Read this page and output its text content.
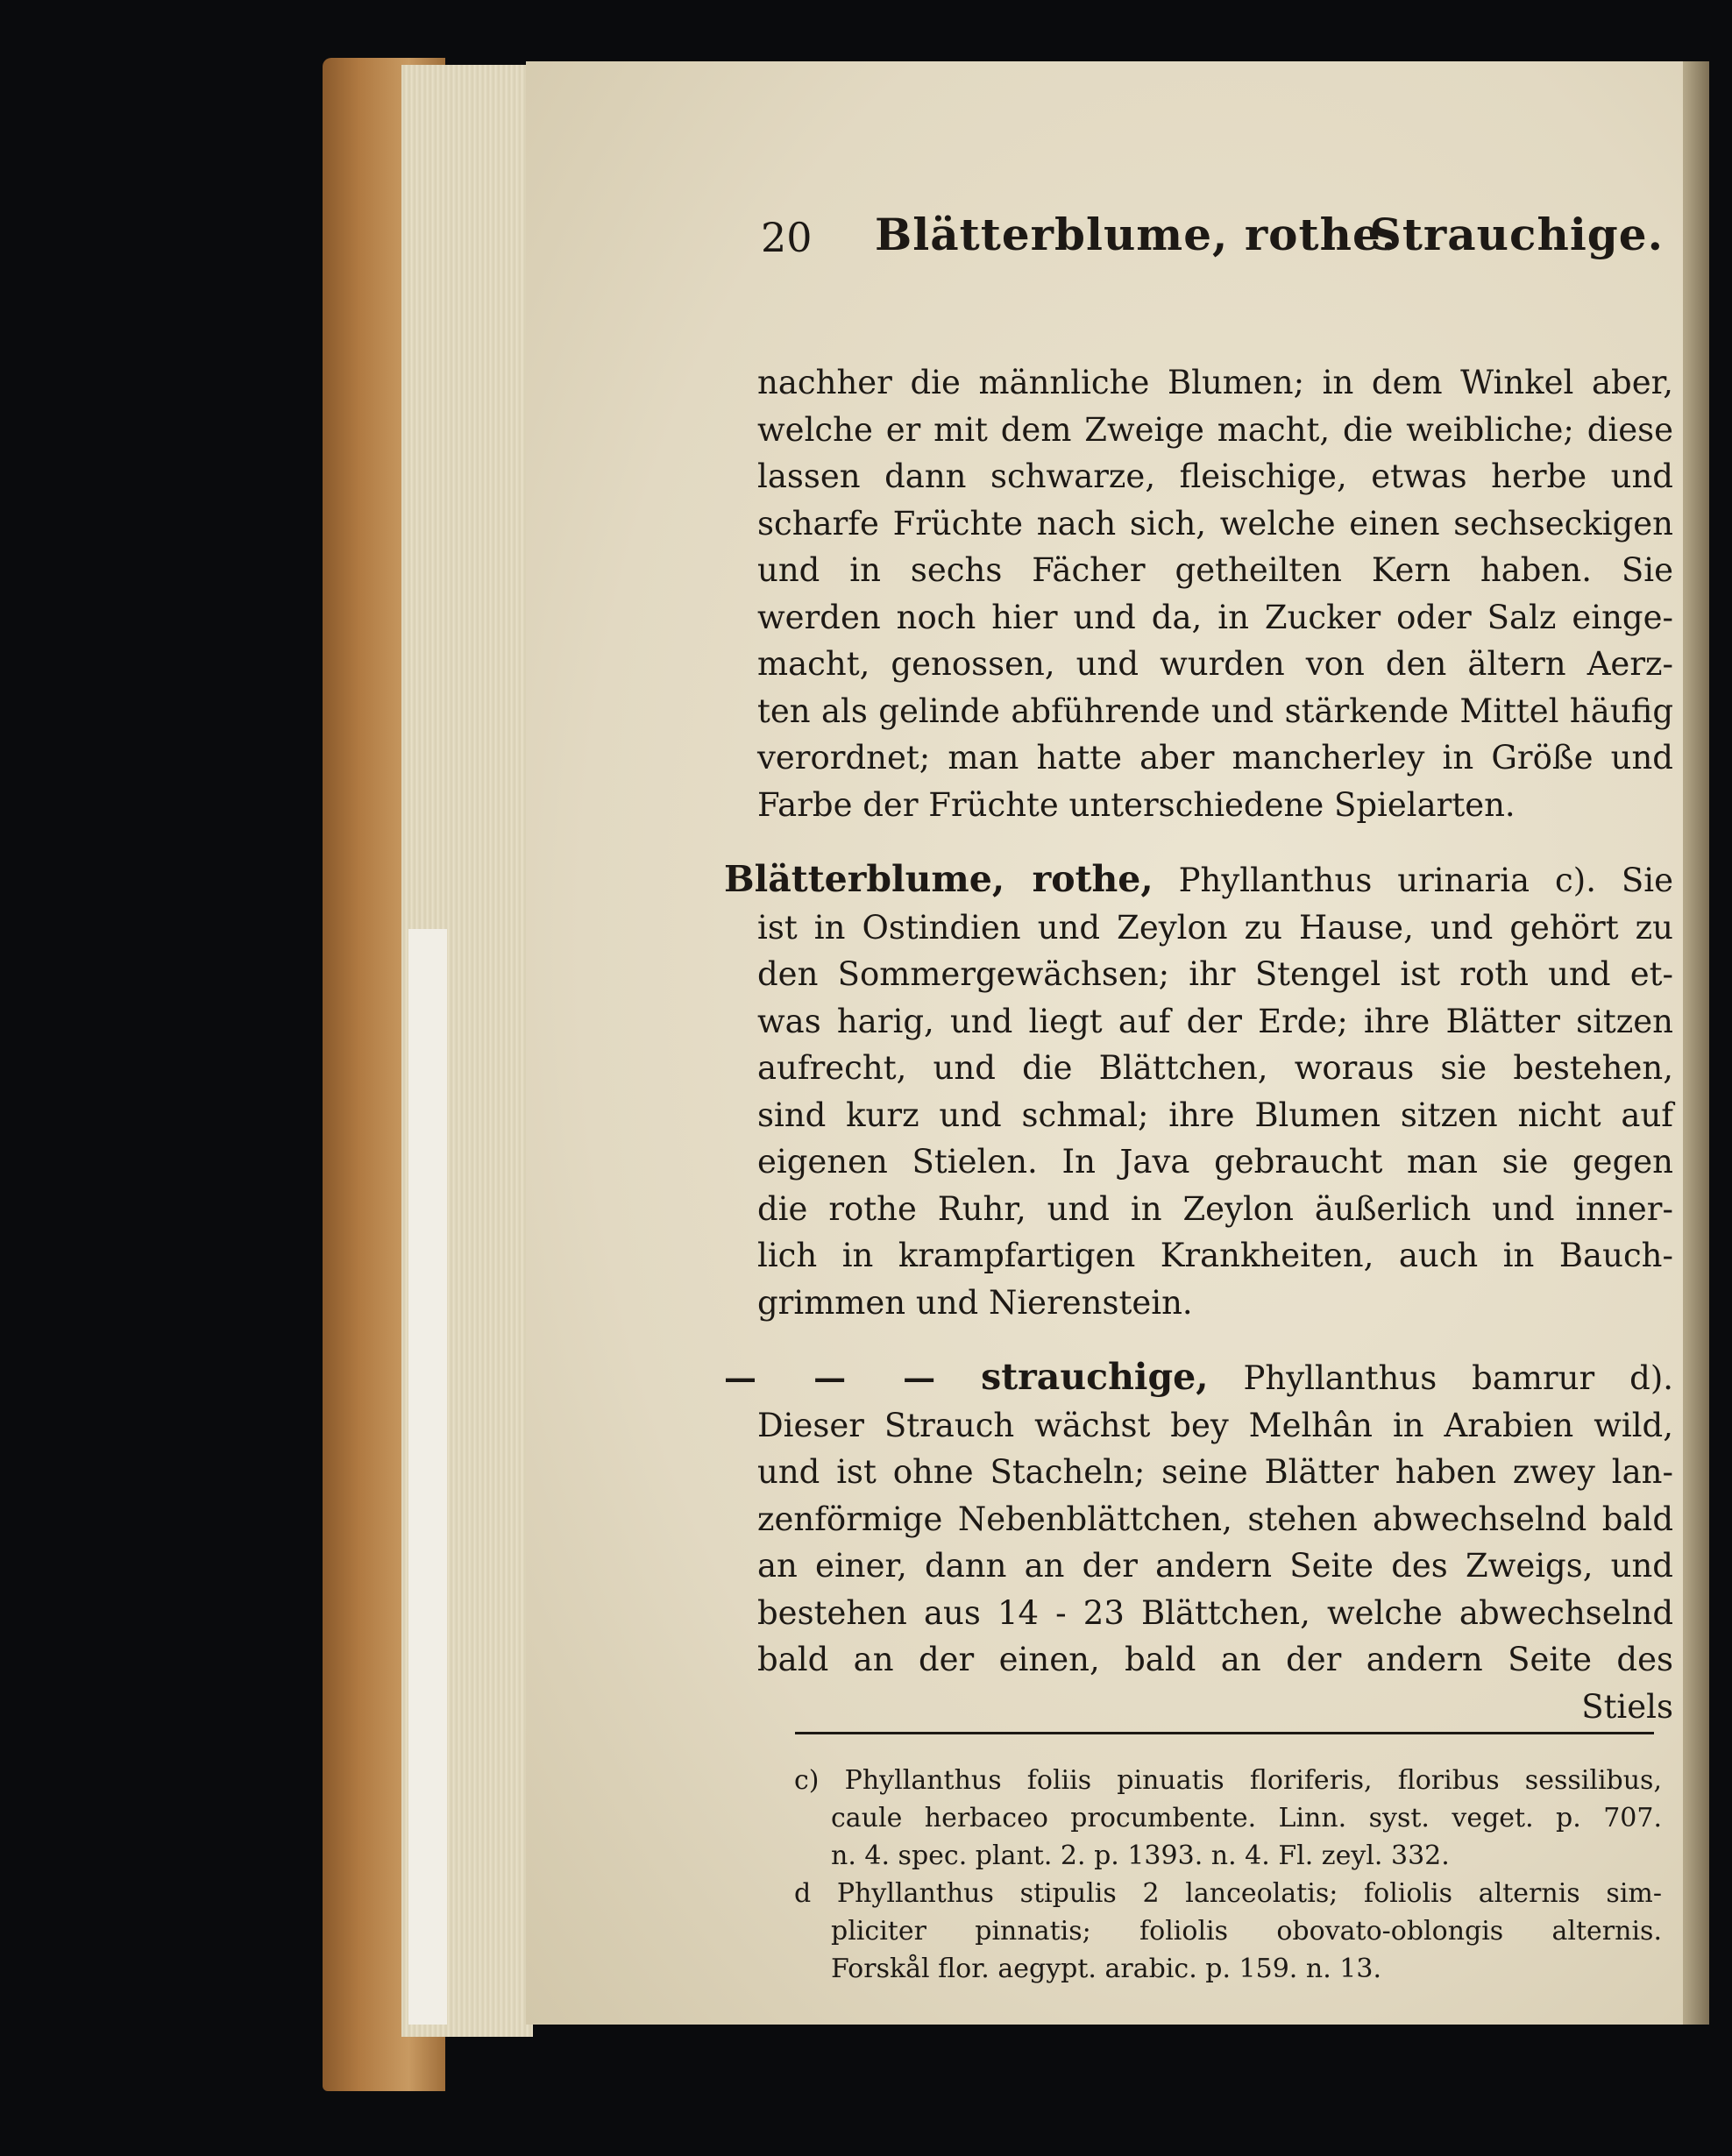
20 Blätterblume, rothe.
Strauchige.
nachher die männliche Blumen; in dem Winkel aber,
welche er mit dem Zweige macht, die weibliche; diese
lassen dann schwarze, fleischige, etwas herbe und
scharfe Früchte nach sich, welche einen sechseckigen
und in sechs Fächer getheilten Kern haben. Sie
werden noch hier und da, in Zucker oder Salz einge-
macht, genossen, und wurden von den ältern Aerz-
ten als gelinde abführende und stärkende Mittel häufig
verordnet; man hatte aber mancherley in Größe und
Farbe der Früchte unterschiedene Spielarten.
Blätterblume, rothe, Phyllanthus urinaria c). Sie
ist in Ostindien und Zeylon zu Hause, und gehört zu
den Sommergewächsen; ihr Stengel ist roth und et-
was harig, und liegt auf der Erde; ihre Blätter sitzen
aufrecht, und die Blättchen, woraus sie bestehen,
sind kurz und schmal; ihre Blumen sitzen nicht auf
eigenen Stielen. In Java gebraucht man sie gegen
die rothe Ruhr, und in Zeylon äußerlich und inner-
lich in krampfartigen Krankheiten, auch in Bauch-
grimmen und Nierenstein.
— — — strauchige, Phyllanthus bamrur d).
Dieser Strauch wächst bey Melhân in Arabien wild,
und ist ohne Stacheln; seine Blätter haben zwey lan-
zenförmige Nebenblättchen, stehen abwechselnd bald
an einer, dann an der andern Seite des Zweigs, und
bestehen aus 14 - 23 Blättchen, welche abwechselnd
bald an der einen, bald an der andern Seite des
Stiels
c) Phyllanthus foliis pinuatis floriferis, floribus sessilibus,
caule herbaceo procumbente. Linn. syst. veget. p. 707.
n. 4. spec. plant. 2. p. 1393. n. 4. Fl. zeyl. 332.
d Phyllanthus stipulis 2 lanceolatis; foliolis alternis sim-
pliciter pinnatis; foliolis obovato-oblongis alternis.
Forskål flor. aegypt. arabic. p. 159. n. 13.
